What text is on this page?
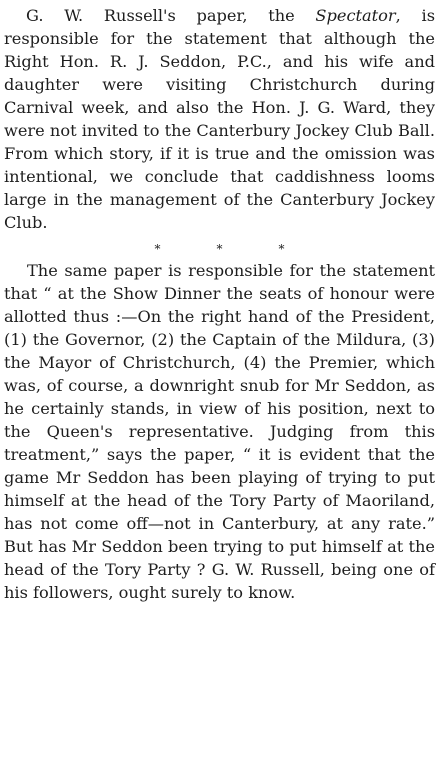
G. W. Russell's paper, the Spectator, is responsible for the statement that although the Right Hon. R. J. Seddon, P.C., and his wife and daughter were visiting Christchurch during Carnival week, and also the Hon. J. G. Ward, they were not invited to the Canterbury Jockey Club Ball. From which story, if it is true and the omission was intentional, we conclude that caddishness looms large in the management of the Canterbury Jockey Club.

*	*	*

The same paper is responsible for the statement that “ at the Show Dinner the seats of honour were allotted thus :—On the right hand of the President, (1) the Governor, (2) the Captain of the Mildura, (3) the Mayor of Christchurch, (4) the Premier, which was, of course, a downright snub for Mr Seddon, as he certainly stands, in view of his position, next to the Queen's representative. Judging from this treatment,” says the paper, “ it is evident that the game Mr Seddon has been playing of trying to put himself at the head of the Tory Party of Maoriland, has not come off—not in Canterbury, at any rate.” But has Mr Seddon been trying to put himself at the head of the Tory Party ? G. W. Russell, being one of his followers, ought surely to know.
